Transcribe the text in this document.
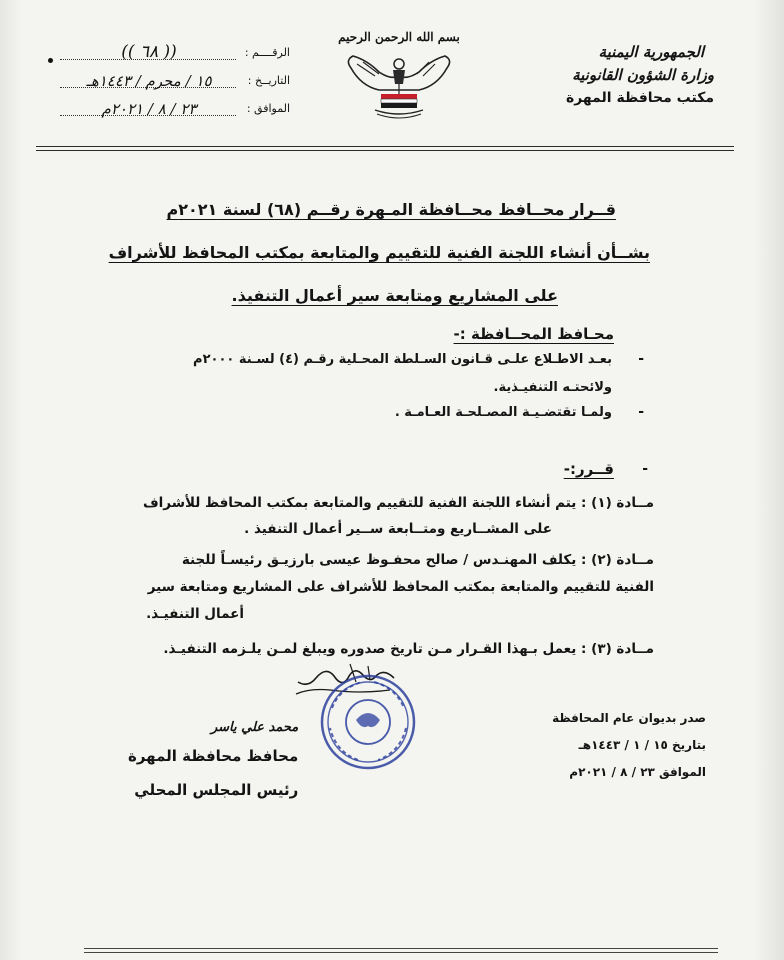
الجمهورية اليمنية
وزارة الشؤون القانونية
مكتب محافظة المهرة
بسم الله الرحمن الرحيم
الرقــــم :
(( ٦٨ ))
التاريــخ :
١٥ / محرم / ١٤٤٣هـ
الموافق :
٢٣ / ٨ / ٢٠٢١م
قــرار محــافظ محــافظة المـهرة رقــم (٦٨) لسنة ٢٠٢١م
بشــأن أنشاء اللجنة الفنية للتقييم والمتابعة بمكتب المحافظ للأشراف
على المشاريع ومتابعة سير أعمال التنفيذ.
محـافظ المحــافظة :-
-
بعـد الاطـلاع علـى قـانون السـلطة المحـلية رقـم (٤) لسـنة ٢٠٠٠م
ولائحتـه التنفيـذية.
-
ولمـا تقتضـيـة المصـلحـة العـامـة .
-
قــرر:-
مــادة (١) : يتم أنشاء اللجنة الفنية للتقييم والمتابعة بمكتب المحافظ للأشراف
على المشــاريع ومتــابعة ســير أعمال التنفيذ .
مــادة (٢) : يكلف المهنـدس / صالح محفـوظ عيسى بارزيـق رئيسـاً للجنة
الفنية للتقييم والمتابعة بمكتب المحافظ للأشراف على المشاريع ومتابعة سير
أعمال التنفيـذ.
مــادة (٣) : يعمل بـهذا القـرار مـن تاريخ صدوره ويبلغ لمـن يلـزمه التنفيـذ.
محمد علي ياسر
محافظ محافظة المهرة
رئيس المجلس المحلي
صدر بديوان عام المحافظة
بتاريخ ١٥ / ١ / ١٤٤٣هـ
الموافق ٢٣ / ٨ / ٢٠٢١م
